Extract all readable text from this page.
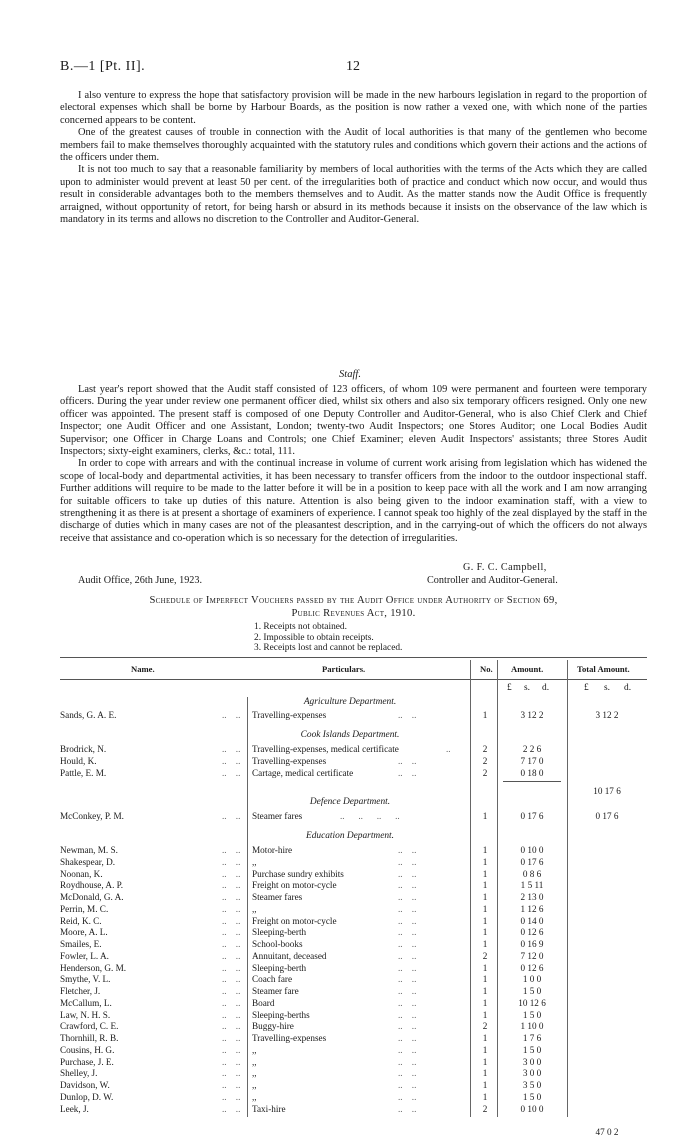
B.—1 [Pt. II].	12

I also venture to express the hope that satisfactory provision will be made in the new harbours legislation in regard to the proportion of electoral expenses which shall be borne by Harbour Boards, as the position is now rather a vexed one, with which none of the parties concerned appears to be content.

One of the greatest causes of trouble in connection with the Audit of local authorities is that many of the gentlemen who become members fail to make themselves thoroughly acquainted with the statutory rules and conditions which govern their actions and the actions of the officers under them.

It is not too much to say that a reasonable familiarity by members of local authorities with the terms of the Acts which they are called upon to administer would prevent at least 50 per cent. of the irregularities both of practice and conduct which now occur, and would thus result in considerable advantages both to the members themselves and to Audit. As the matter stands now the Audit Office is frequently arraigned, without opportunity of retort, for being harsh or absurd in its methods because it insists on the observance of the law which is mandatory in its terms and allows no discretion to the Controller and Auditor-General.

Staff.

Last year's report showed that the Audit staff consisted of 123 officers, of whom 109 were permanent and fourteen were temporary officers. During the year under review one permanent officer died, whilst six others and also six temporary officers resigned. Only one new officer was appointed. The present staff is composed of one Deputy Controller and Auditor-General, who is also Chief Clerk and Chief Inspector; one Audit Officer and one Assistant, London; twenty-two Audit Inspectors; one Stores Auditor; one Local Bodies Audit Supervisor; one Officer in Charge Loans and Controls; one Chief Examiner; eleven Audit Inspectors' assistants; three Stores Audit Inspectors; sixty-eight examiners, clerks, &c.: total, 111.

In order to cope with arrears and with the continual increase in volume of current work arising from legislation which has widened the scope of local-body and departmental activities, it has been necessary to transfer officers from the indoor to the outdoor inspectional staff. Further additions will require to be made to the latter before it will be in a position to keep pace with all the work and I am now arranging for suitable officers to take up duties of this nature. Attention is also being given to the indoor examination staff, with a view to strengthening it as there is at present a shortage of examiners of experience. I cannot speak too highly of the zeal displayed by the staff in the discharge of duties which in many cases are not of the pleasantest description, and in the carrying-out of which the officers do not always receive that assistance and co-operation which is so necessary for the detection of irregularities.

G. F. C. Campbell,
Audit Office, 26th June, 1923.	Controller and Auditor-General.
Schedule of Imperfect Vouchers passed by the Audit Office under Authority of Section 69,
Public Revenues Act, 1910.
1. Receipts not obtained.
2. Impossible to obtain receipts.
3. Receipts lost and cannot be replaced.
Name.	Particulars.	No. Amount.	Total Amount.
£ s. d.	£ s. d.
Agriculture Department.
Sands, G. A. E.	..    .. Travelling-expenses	..    ..	1	3 12 2	3 12 2
Cook Islands Department.
Brodrick, N.	..    .. Travelling-expenses, medical certificate	..	2	2 2 6
Hould, K.	..    .. Travelling-expenses	..    ..	2	7 17 0
Pattle, E. M.	..    .. Cartage, medical certificate	..    ..	2	0 18 0
10 17 6
Defence Department.
McConkey, P. M.	..    .. Steamer fares	..      ..      ..      ..	1	0 17 6	0 17 6
Education Department.
Newman, M. S.	..    .. Motor-hire	..    ..	1	0 10 0
Shakespear, D.	..    .. ,,	..    ..	1	0 17 6
Noonan, K.	..    .. Purchase sundry exhibits	..    ..	1	0 8 6
Roydhouse, A. P.	..    .. Freight on motor-cycle	..    ..	1	1 5 11
McDonald, G. A.	..    .. Steamer fares	..    ..	1	2 13 0
Perrin, M. C.	..    .. ,,	..    ..	1	1 12 6
Reid, K. C.	..    .. Freight on motor-cycle	..    ..	1	0 14 0
Moore, A. L.	..    .. Sleeping-berth	..    ..	1	0 12 6
Smailes, E.	..    .. School-books	..    ..	1	0 16 9
Fowler, L. A.	..    .. Annuitant, deceased	..    ..	2	7 12 0
Henderson, G. M.	..    .. Sleeping-berth	..    ..	1	0 12 6
Smythe, V. L.	..    .. Coach fare	..    ..	1	1 0 0
Fletcher, J.	..    .. Steamer fare	..    ..	1	1 5 0
McCallum, L.	..    .. Board	..    ..	1	10 12 6
Law, N. H. S.	..    .. Sleeping-berths	..    ..	1	1 5 0
Crawford, C. E.	..    .. Buggy-hire	..    ..	2	1 10 0
Thornhill, R. B.	..    .. Travelling-expenses	..    ..	1	1 7 6
Cousins, H. G.	..    .. ,,	..    ..	1	1 5 0
Purchase, J. E.	..    .. ,,	..    ..	1	3 0 0
Shelley, J.	..    .. ,,	..    ..	1	3 0 0
Davidson, W.	..    .. ,,	..    ..	1	3 5 0
Dunlop, D. W.	..    .. ,,	..    ..	1	1 5 0
Leek, J.	..    .. Taxi-hire	..    ..	2	0 10 0
47 0 2
